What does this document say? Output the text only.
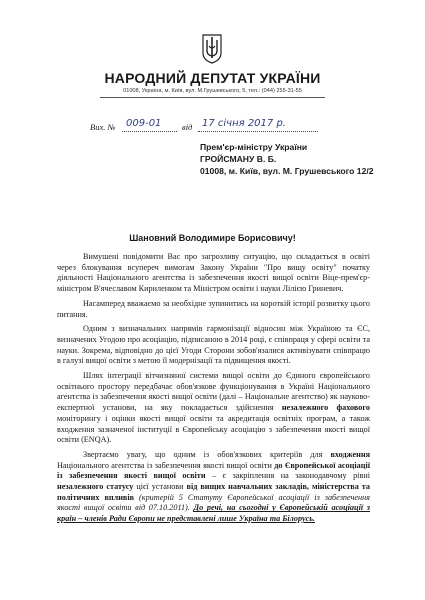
НАРОДНИЙ ДЕПУТАТ УКРАЇНИ
01008, Україна, м. Київ, вул. М.Грушевського, 5, тел.: (044) 255-31-55
Вих. № 009-01 від 17 січня 2017 р.
Прем'єр-міністру України
ГРОЙСМАНУ В. Б.
01008, м. Київ, вул. М. Грушевського 12/2
Шановний Володимире Борисовичу!

Вимушені повідомити Вас про загрозливу ситуацію, що складається в освіті через блокування всупереч вимогам Закону України "Про вищу освіту" початку діяльності Національного агентства із забезпечення якості вищої освіти Віце-прем'єр-міністром В'ячеславом Кириленком та Міністром освіти і науки Лілією Гриневич.

Насамперед вважаємо за необхідне зупинитись на короткій історії розвитку цього питання.

Одним з визначальних напрямів гармонізації відносин між Україною та ЄС, визначених Угодою про асоціацію, підписаною в 2014 році, є співпраця у сфері освіти та науки. Зокрема, відповідно до цієї Угоди Сторони зобов'язалися активізувати співпрацю в галузі вищої освіти з метою її модернізації та підвищення якості.

Шлях інтеграції вітчизняної системи вищої освіти до Єдиного європейського освітнього простору передбачає обов'язкове функціонування в Україні Національного агентства із забезпечення якості вищої освіти (далі – Національне агентство) як науково-експертної установи, на яку покладається здійснення незалежного фахового моніторингу і оцінки якості вищої освіти та акредитація освітніх програм, а також входження зазначеної інституції в Європейську асоціацію з забезпечення якості вищої освіти (ENQA).

Звертаємо увагу, що одним із обов'язкових критеріїв для входження Національного агентства із забезпечення якості вищої освіти до Європейської асоціації із забезпечення якості вищої освіти – є закріплення на законодавчому рівні незалежного статусу цієї установи від вищих навчальних закладів, міністерства та політичних впливів (критерій 5 Статуту Європейської асоціації із забезпечення якості вищої освіти від 07.10.2011). До речі, на сьогодні у Європейській асоціації з країн – членів Ради Європи не представлені лише Україна та Білорусь.
